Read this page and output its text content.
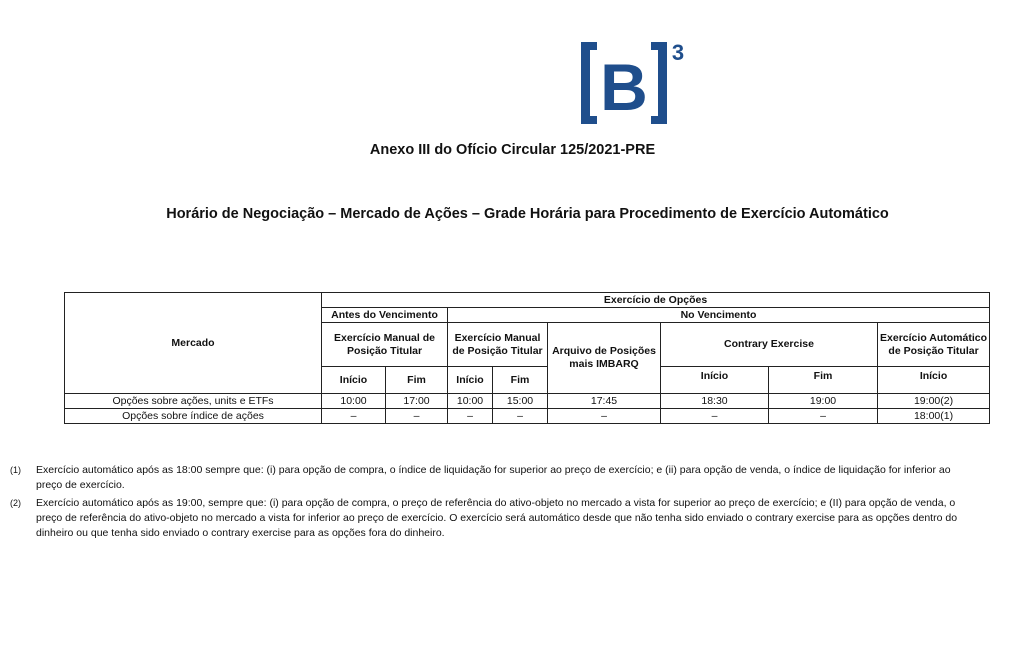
B 3
Anexo III do Ofício Circular 125/2021-PRE
Horário de Negociação – Mercado de Ações – Grade Horária para Procedimento de Exercício Automático
Mercado	Exercício de Opções							
	Antes do Vencimento		No Vencimento					
	Exercício Manual de Posição Titular		Exercício Manual de Posição Titular		Arquivo de Posições mais IMBARQ	Contrary Exercise		Exercício Automático de Posição Titular
	Início	Fim	Início	Fim		Início	Fim	Início
Opções sobre ações, units e ETFs	10:00	17:00	10:00	15:00	17:45	18:30	19:00	19:00(2)
Opções sobre índice de ações	–	–	–	–	–	–	–	18:00(1)
(1)	Exercício automático após as 18:00 sempre que: (i) para opção de compra, o índice de liquidação for superior ao preço de exercício; e (ii) para opção de venda, o índice de liquidação for inferior ao preço de exercício.
(2)	Exercício automático após as 19:00, sempre que: (i) para opção de compra, o preço de referência do ativo-objeto no mercado a vista for superior ao preço de exercício; e (II) para opção de venda, o preço de referência do ativo-objeto no mercado a vista for inferior ao preço de exercício. O exercício será automático desde que não tenha sido enviado o contrary exercise para as opções dentro do dinheiro ou que tenha sido enviado o contrary exercise para as opções fora do dinheiro.
